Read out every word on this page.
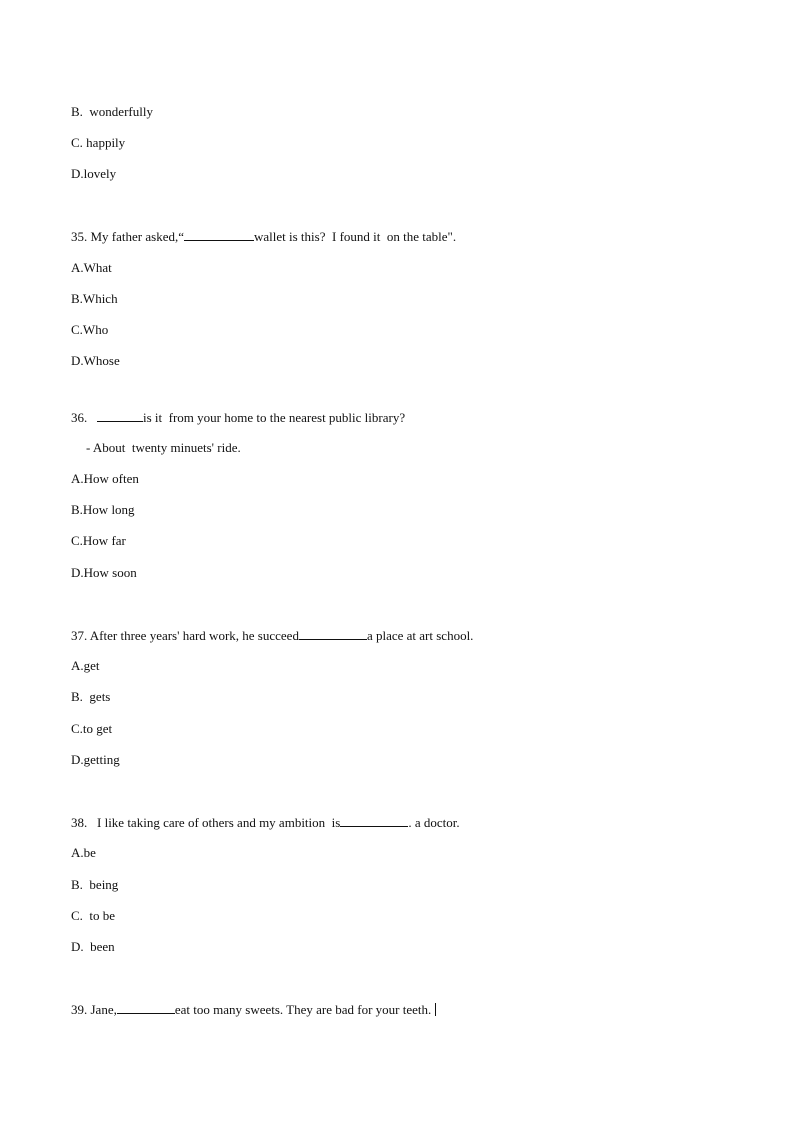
B.  wonderfully
C. happily
D.lovely
35. My father asked,“	wallet is this?  I found it  on the table".
A.What
B.Which
C.Who
D.Whose
36.	is it  from your home to the nearest public library?
- About  twenty minuets' ride.
A.How often
B.How long
C.How far
D.How soon
37. After three years' hard work, he succeed	a place at art school.
A.get
B.  gets
C.to get
D.getting
38.   I like taking care of others and my ambition  is	. a doctor.
A.be
B.  being
C.  to be
D.  been
39. Jane,	eat too many sweets. They are bad for your teeth.
